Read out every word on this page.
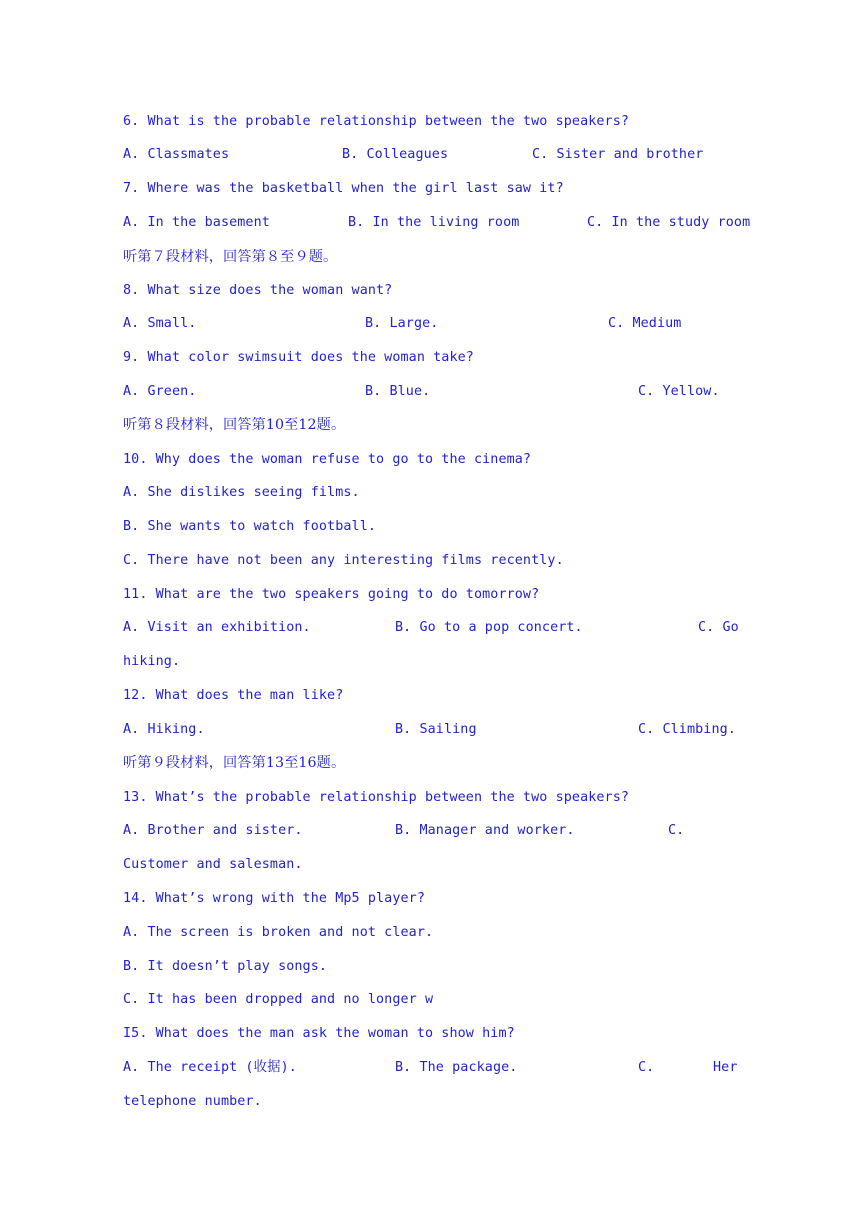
6. What is the probable relationship between the two speakers?

A. Classmates

	B. Colleagues

	C. Sister and brother

7. Where was the basketball when the girl last saw it?

A. In the basement

	B. In the living room

	C. In the study room

听第７段材料，回答第８至９题。
8. What size does the woman want?

A. Small.

	B. Large.

	C. Medium

9. What color swimsuit does the woman take?

A. Green.

	B. Blue.

	C. Yellow.

听第８段材料，回答第10至12题。
10. Why does the woman refuse to go to the cinema?
A. She dislikes seeing films.
B. She wants to watch football.
C. There have not been any interesting films recently.
11. What are the two speakers going to do tomorrow?

A. Visit an exhibition.

	B. Go to a pop concert.

	C. Go

hiking.
12. What does the man like?

A. Hiking.

	B. Sailing

	C. Climbing.

听第９段材料，回答第13至16题。
13. What’s the probable relationship between the two speakers?

A. Brother and sister.

	B. Manager and worker.

	C.

Customer and salesman.
14. What’s wrong with the Mp5 player?
A. The screen is broken and not clear.
B. It doesn’t play songs.
C. It has been dropped and no longer w
I5. What does the man ask the woman to show him?

A. The receipt (收据).

	B. The package.

	C.

	Her

telephone number.
